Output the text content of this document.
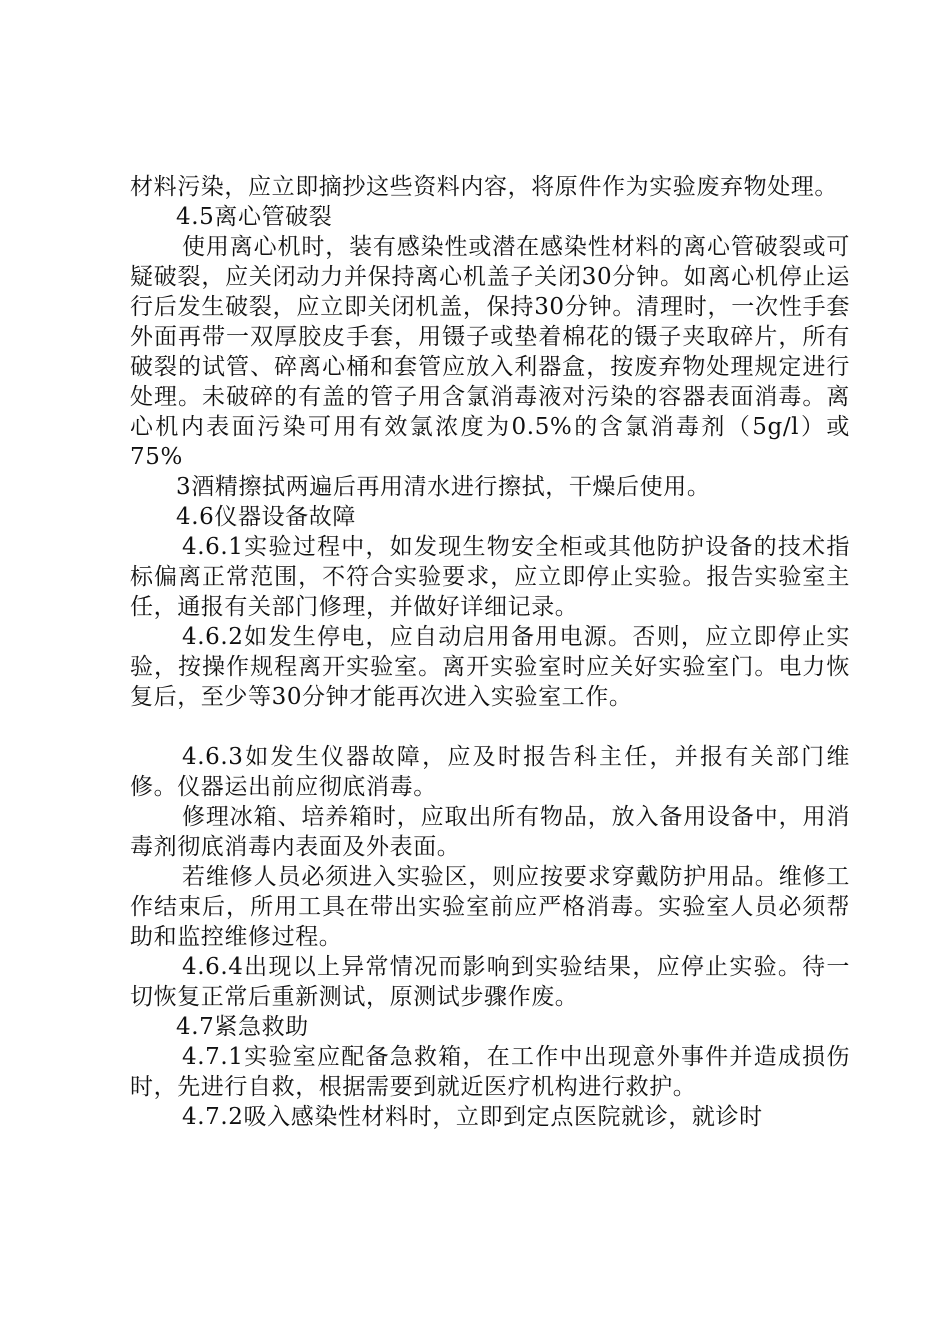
材料污染，应立即摘抄这些资料内容，将原件作为实验废弃物处理。

4.5离心管破裂

使用离心机时，装有感染性或潜在感染性材料的离心管破裂或可疑破裂，应关闭动力并保持离心机盖子关闭30分钟。如离心机停止运行后发生破裂，应立即关闭机盖，保持30分钟。清理时，一次性手套外面再带一双厚胶皮手套，用镊子或垫着棉花的镊子夹取碎片，所有破裂的试管、碎离心桶和套管应放入利器盒，按废弃物处理规定进行处理。未破碎的有盖的管子用含氯消毒液对污染的容器表面消毒。离心机内表面污染可用有效氯浓度为0.5%的含氯消毒剂（5g/l）或75%

3酒精擦拭两遍后再用清水进行擦拭，干燥后使用。

4.6仪器设备故障

4.6.1实验过程中，如发现生物安全柜或其他防护设备的技术指标偏离正常范围，不符合实验要求，应立即停止实验。报告实验室主任，通报有关部门修理，并做好详细记录。

4.6.2如发生停电，应自动启用备用电源。否则，应立即停止实验，按操作规程离开实验室。离开实验室时应关好实验室门。电力恢复后，至少等30分钟才能再次进入实验室工作。

4.6.3如发生仪器故障，应及时报告科主任，并报有关部门维修。仪器运出前应彻底消毒。

修理冰箱、培养箱时，应取出所有物品，放入备用设备中，用消毒剂彻底消毒内表面及外表面。

若维修人员必须进入实验区，则应按要求穿戴防护用品。维修工作结束后，所用工具在带出实验室前应严格消毒。实验室人员必须帮助和监控维修过程。

4.6.4出现以上异常情况而影响到实验结果，应停止实验。待一切恢复正常后重新测试，原测试步骤作废。

4.7紧急救助

4.7.1实验室应配备急救箱，在工作中出现意外事件并造成损伤时，先进行自救，根据需要到就近医疗机构进行救护。

4.7.2吸入感染性材料时，立即到定点医院就诊，就诊时
